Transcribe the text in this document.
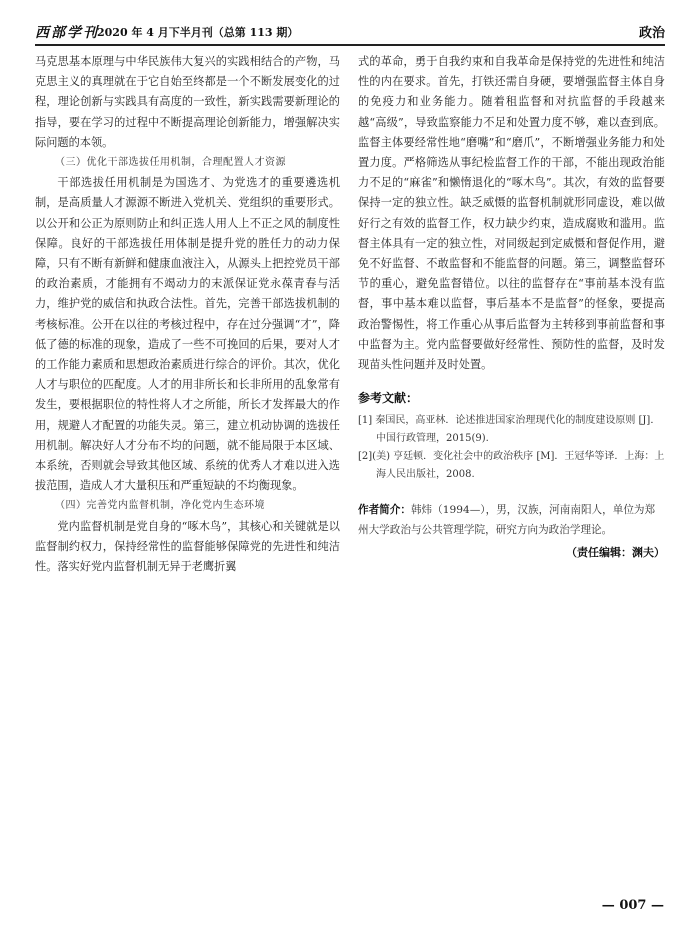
西部学刊
2020 年 4 月下半月刊（总第 113 期）	政治

马克思基本原理与中华民族伟大复兴的实践相结合的产物，马克思主义的真理就在于它自始至终都是一个不断发展变化的过程，理论创新与实践具有高度的一致性，新实践需要新理论的指导，要在学习的过程中不断提高理论创新能力，增强解决实际问题的本领。

（三）优化干部选拔任用机制，合理配置人才资源

干部选拔任用机制是为国选才、为党选才的重要遴选机制，是高质量人才源源不断进入党机关、党组织的重要形式。以公开和公正为原则防止和纠正选人用人上不正之风的制度性保障。良好的干部选拔任用体制是提升党的胜任力的动力保障，只有不断有新鲜和健康血液注入，从源头上把控党员干部的政治素质，才能拥有不竭动力的末派保证党永葆青春与活力，维护党的威信和执政合法性。首先，完善干部选拔机制的考核标准。公开在以往的考核过程中，存在过分强调“才”，降低了德的标准的现象，造成了一些不可挽回的后果，要对人才的工作能力素质和思想政治素质进行综合的评价。其次，优化人才与职位的匹配度。人才的用非所长和长非所用的乱象常有发生，要根据职位的特性将人才之所能，所长才发挥最大的作用，规避人才配置的功能失灵。第三，建立机动协调的选拔任用机制。解决好人才分布不均的问题，就不能局限于本区域、本系统，否则就会导致其他区域、系统的优秀人才难以进入选拔范围，造成人才大量积压和严重短缺的不均衡现象。

（四）完善党内监督机制，净化党内生态环境

党内监督机制是党自身的“啄木鸟”，其核心和关键就是以监督制约权力，保持经常性的监督能够保障党的先进性和纯洁性。落实好党内监督机制无异于老鹰折翼

式的革命，勇于自我约束和自我革命是保持党的先进性和纯洁性的内在要求。首先，打铁还需自身硬，要增强监督主体自身的免疫力和业务能力。随着租监督和对抗监督的手段越来越“高级”，导致监察能力不足和处置力度不够，难以查到底。监督主体要经常性地“磨嘴”和“磨爪”，不断增强业务能力和处置力度。严格筛选从事纪检监督工作的干部，不能出现政治能力不足的“麻雀”和懒惰退化的“啄木鸟”。其次，有效的监督要保持一定的独立性。缺乏威慑的监督机制就形同虚设，难以做好行之有效的监督工作，权力缺少约束，造成腐败和滥用。监督主体具有一定的独立性，对同级起到定威慑和督促作用，避免不好监督、不敢监督和不能监督的问题。第三，调整监督环节的重心，避免监督错位。以往的监督存在“事前基本没有监督，事中基本难以监督，事后基本不是监督”的怪象，要提高政治警惕性，将工作重心从事后监督为主转移到事前监督和事中监督为主。党内监督要做好经常性、预防性的监督，及时发现苗头性问题并及时处置。

参考文献：

[1] 秦国民，高亚林．论述推进国家治理现代化的制度建设原则 [J]．中国行政管理，2015(9).

[2](美) 亨廷顿．变化社会中的政治秩序 [M]．王冠华等译．上海：上海人民出版社，2008.

作者简介：韩炜（1994—），男，汉族，河南南阳人，单位为郑州大学政治与公共管理学院，研究方向为政治学理论。
（责任编辑：渊夫）
— 007 —
